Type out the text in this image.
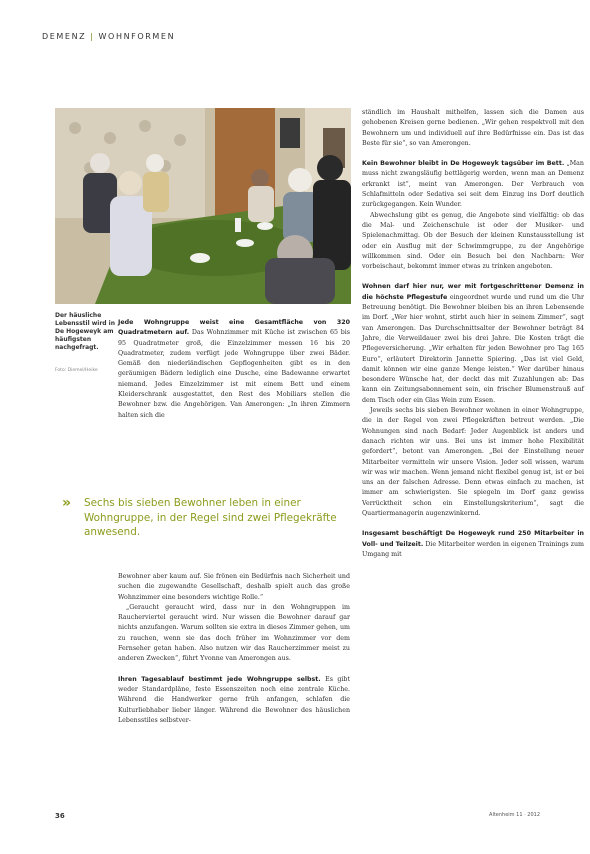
DEMENZ | WOHNFORMEN
Der häusliche Lebensstil wird in De Hogeweyk am häufigsten nachgefragt.
Foto: Diemel/Heike

Jede Wohngruppe weist eine Gesamtfläche von 320 Quadratmetern auf. Das Wohnzimmer mit Küche ist zwischen 65 bis 95 Quadratmeter groß, die Einzelzimmer messen 16 bis 20 Quadratmeter, zudem verfügt jede Wohngruppe über zwei Bäder. Gemäß den niederländischen Gepflogenheiten gibt es in den geräumigen Bädern lediglich eine Dusche, eine Badewanne erwartet niemand. Jedes Einzelzimmer ist mit einem Bett und einem Kleiderschrank ausgestattet, den Rest des Mobiliars stellen die Bewohner bzw. die Angehörigen. Van Amerongen: „In ihren Zimmern halten sich die

» Sechs bis sieben Bewohner leben in einer Wohngruppe, in der Regel sind zwei Pflegekräfte anwesend.

Bewohner aber kaum auf. Sie frönen ein Bedürfnis nach Sicherheit und suchen die zugewandte Gesellschaft, deshalb spielt auch das große Wohnzimmer eine besonders wichtige Rolle.“

„Geraucht geraucht wird, dass nur in den Wohngruppen im Raucherviertel geraucht wird. Nur wissen die Bewohner darauf gar nichts anzufangen. Warum sollten sie extra in dieses Zimmer gehen, um zu rauchen, wenn sie das doch früher im Wohnzimmer vor dem Fernseher getan haben. Also nutzen wir das Raucherzimmer meist zu anderen Zwecken“, führt Yvonne van Amerongen aus.

Ihren Tagesablauf bestimmt jede Wohngruppe selbst. Es gibt weder Standardpläne, feste Essenszeiten noch eine zentrale Küche. Während die Handwerker gerne früh anfangen, schlafen die Kulturliebhaber lieber länger. Während die Bewohner des häuslichen Lebensstiles selbstver-

ständlich im Haushalt mithelfen, lassen sich die Damen aus gehobenen Kreisen gerne bedienen. „Wir gehen respektvoll mit den Bewohnern um und individuell auf ihre Bedürfnisse ein. Das ist das Beste für sie“, so van Amerongen.

Kein Bewohner bleibt in De Hogeweyk tagsüber im Bett. „Man muss nicht zwangsläufig bettlägerig werden, wenn man an Demenz erkrankt ist“, meint van Amerongen. Der Verbrauch von Schlafmitteln oder Sedativa sei seit dem Einzug ins Dorf deutlich zurückgegangen. Kein Wunder.

Abwechslung gibt es genug, die Angebote sind vielfältig: ob das die Mal- und Zeichenschule ist oder der Musiker- und Spielenachmittag. Ob der Besuch der kleinen Kunstausstellung ist oder ein Ausflug mit der Schwimmgruppe, zu der Angehörige willkommen sind. Oder ein Besuch bei den Nachbarn: Wer vorbeischaut, bekommt immer etwas zu trinken angeboten.

Wohnen darf hier nur, wer mit fortgeschrittener Demenz in die höchste Pflegestufe eingeordnet wurde und rund um die Uhr Betreuung benötigt. Die Bewohner bleiben bis an ihren Lebensende im Dorf. „Wer hier wohnt, stirbt auch hier in seinem Zimmer“, sagt van Amerongen. Das Durchschnittsalter der Bewohner beträgt 84 Jahre, die Verweildauer zwei bis drei Jahre. Die Kosten trägt die Pflegeversicherung. „Wir erhalten für jeden Bewohner pro Tag 165 Euro“, erläutert Direktorin Jannette Spiering. „Das ist viel Geld, damit können wir eine ganze Menge leisten.“ Wer darüber hinaus besondere Wünsche hat, der deckt das mit Zuzahlungen ab: Das kann ein Zeitungsabonnement sein, ein frischer Blumenstrauß auf dem Tisch oder ein Glas Wein zum Essen.

Jeweils sechs bis sieben Bewohner wohnen in einer Wohngruppe, die in der Regel von zwei Pflegekräften betreut werden. „Die Wohnungen sind nach Bedarf: Jeder Augenblick ist anders und danach richten wir uns. Bei uns ist immer hohe Flexibilität gefordert“, betont van Amerongen. „Bei der Einstellung neuer Mitarbeiter vermitteln wir unsere Vision. Jeder soll wissen, warum wir was wir machen. Wenn jemand nicht flexibel genug ist, ist er bei uns an der falschen Adresse. Denn etwas einfach zu machen, ist immer am schwierigsten. Sie spiegeln im Dorf ganz gewiss Verrücktheit schon ein Einstellungskriterium“, sagt die Quartiermanagerin augenzwinkernd.

Insgesamt beschäftigt De Hogeweyk rund 250 Mitarbeiter in Voll- und Teilzeit. Die Mitarbeiter werden in eigenen Trainings zum Umgang mit

36	Altenheim 11 · 2012
